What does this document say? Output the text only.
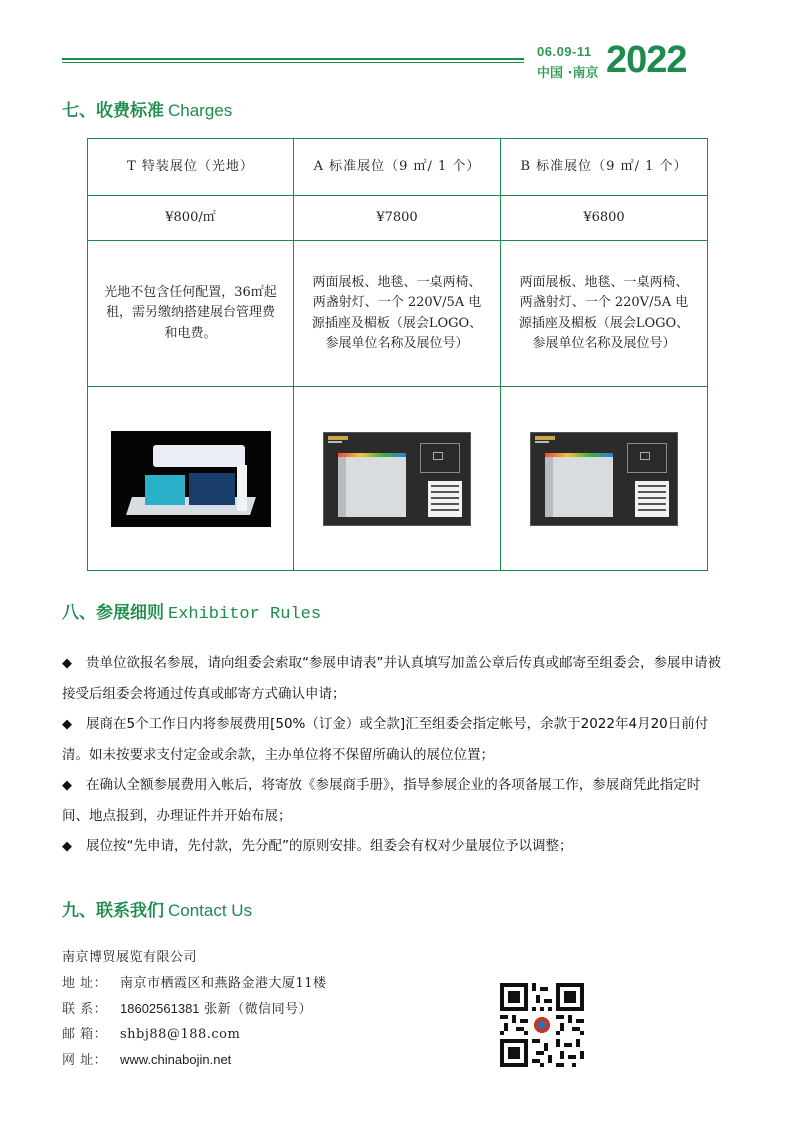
06.09-11
中国 ·南京 2022
七、收费标准 Charges
T 特装展位（光地）	A 标准展位（9 ㎡/ 1 个）	B 标准展位（9 ㎡/ 1 个）
¥800/㎡	¥7800	¥6800
光地不包含任何配置，36㎡起租，需另缴纳搭建展台管理费和电费。	两面展板、地毯、一桌两椅、两盏射灯、一个 220V/5A 电源插座及楣板（展会LOGO、参展单位名称及展位号）	两面展板、地毯、一桌两椅、两盏射灯、一个 220V/5A 电源插座及楣板（展会LOGO、参展单位名称及展位号）

八、参展细则 Exhibitor Rules

◆ 贵单位欲报名参展，请向组委会索取“参展申请表”并认真填写加盖公章后传真或邮寄至组委会，参展申请被接受后组委会将通过传真或邮寄方式确认申请；

◆ 展商在5个工作日内将参展费用[50%（订金）或全款]汇至组委会指定帐号，余款于2022年4月20日前付清。如未按要求支付定金或余款，主办单位将不保留所确认的展位位置；

◆ 在确认全额参展费用入帐后，将寄放《参展商手册》，指导参展企业的各项备展工作，参展商凭此指定时间、地点报到，办理证件并开始布展；

◆ 展位按“先申请，先付款，先分配”的原则安排。组委会有权对少量展位予以调整；

九、联系我们 Contact Us
南京博贸展览有限公司
地 址： 南京市栖霞区和燕路金港大厦11楼
联 系： 18602561381 张新（微信同号）
邮 箱： shbj88@188.com
网 址： www.chinabojin.net
